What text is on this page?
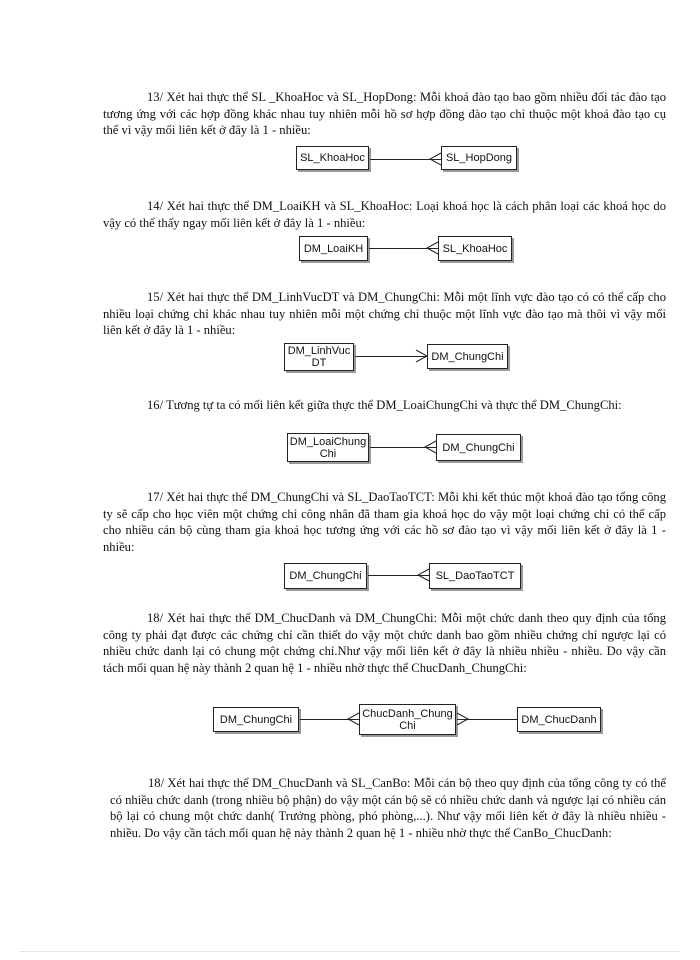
13/ Xét hai thực thể SL _KhoaHoc và SL_HopDong: Mỗi khoá đào tạo bao gồm nhiều đối tác đào tạo tương ứng với các hợp đồng khác nhau tuy nhiên mỗi hồ sơ hợp đồng đào tạo chỉ thuộc một khoá đào tạo cụ thể vì vậy mối liên kết ở đây là 1 - nhiều:
SL_KhoaHoc	SL_HopDong
14/ Xét hai thực thể DM_LoaiKH và SL_KhoaHoc: Loại khoá học là cách phân loại các khoá học do vậy có thể thấy ngay mối liên kết ở đây là 1 - nhiều:
DM_LoaiKH	SL_KhoaHoc
15/ Xét hai thực thể DM_LinhVucDT và DM_ChungChi: Mỗi một lĩnh vực đào tạo có có thể cấp cho nhiều loại chứng chỉ khác nhau tuy nhiên mỗi một chứng chỉ thuộc một lĩnh vực đào tạo mà thôi vì vậy mối liên kết ở đây là 1 - nhiều:
DM_LinhVuc
DT
DM_ChungChi
16/ Tương tự ta có mối liên kết giữa thực thể DM_LoaiChungChi và thực thể DM_ChungChi:
DM_LoaiChung
Chi	DM_ChungChi
17/ Xét hai thực thể DM_ChungChi và SL_DaoTaoTCT: Mỗi khi kết thúc một khoá đào tạo tổng công ty sẽ cấp cho học viên một chứng chỉ công nhân đã tham gia khoá học do vậy một loại chứng chỉ có thể cấp cho nhiều cán bộ cùng tham gia khoá học tương ứng với các hồ sơ đào tạo vì vậy mối liên kết ở đây là 1 - nhiều:
DM_ChungChi	SL_DaoTaoTCT
18/ Xét hai thực thể DM_ChucDanh và DM_ChungChi: Mỗi một chức danh theo quy định của tổng công ty phải đạt được các chứng chỉ cần thiết do vậy một chức danh bao gồm nhiều chứng chỉ ngược lại có nhiều chức danh lại có chung một chứng chỉ.Như vậy mối liên kết ở đây là nhiều nhiều - nhiều. Do vậy cần tách mối quan hệ này thành 2 quan hệ 1 - nhiều nhờ thực thể ChucDanh_ChungChi:
DM_ChungChi	ChucDanh_Chung
Chi	DM_ChucDanh
18/ Xét hai thực thể DM_ChucDanh và SL_CanBo: Mỗi cán bộ theo quy định của tổng công ty có thể có nhiều chức danh (trong nhiều bộ phận) do vậy một cán bộ sẽ có nhiều chức danh và ngược lại có nhiều cán bộ lại có chung một chức danh( Trưởng phòng, phó phòng,...). Như vậy mối liên kết ở đây là nhiều nhiều - nhiều. Do vậy cần tách mối quan hệ này thành 2 quan hệ 1 - nhiều nhờ thực thể CanBo_ChucDanh:
